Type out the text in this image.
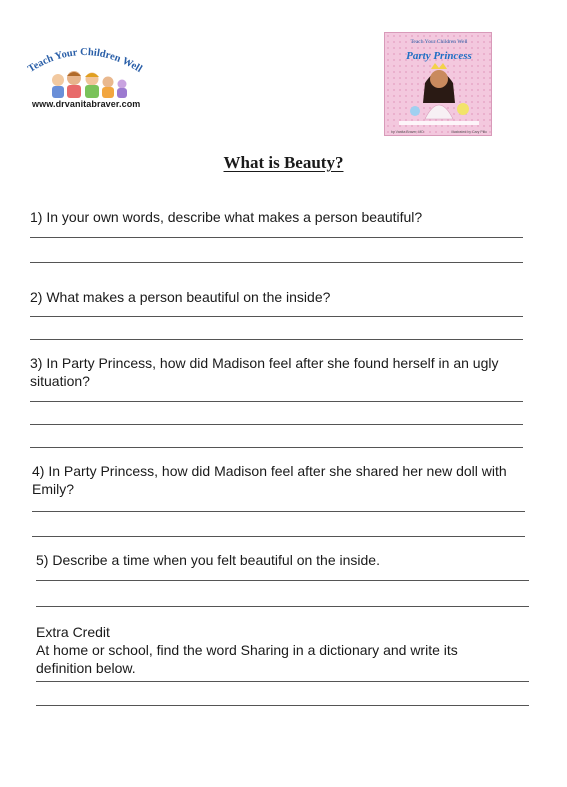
Teach Your Children Well
www.drvanitabraver.com
Teach Your Children Well
Party Princess
by Vanita Braver, MD	illustrated by Cary Pillo
What is Beauty?

1) In your own words, describe what makes a person beautiful?

2) What makes a person beautiful on the inside?

3) In Party Princess, how did Madison feel after she found herself in an ugly situation?

4) In Party Princess, how did Madison feel after she shared her new doll with Emily?

5) Describe a time when you felt beautiful on the inside.

Extra Credit

At home or school, find the word Sharing in a dictionary and write its definition below.
